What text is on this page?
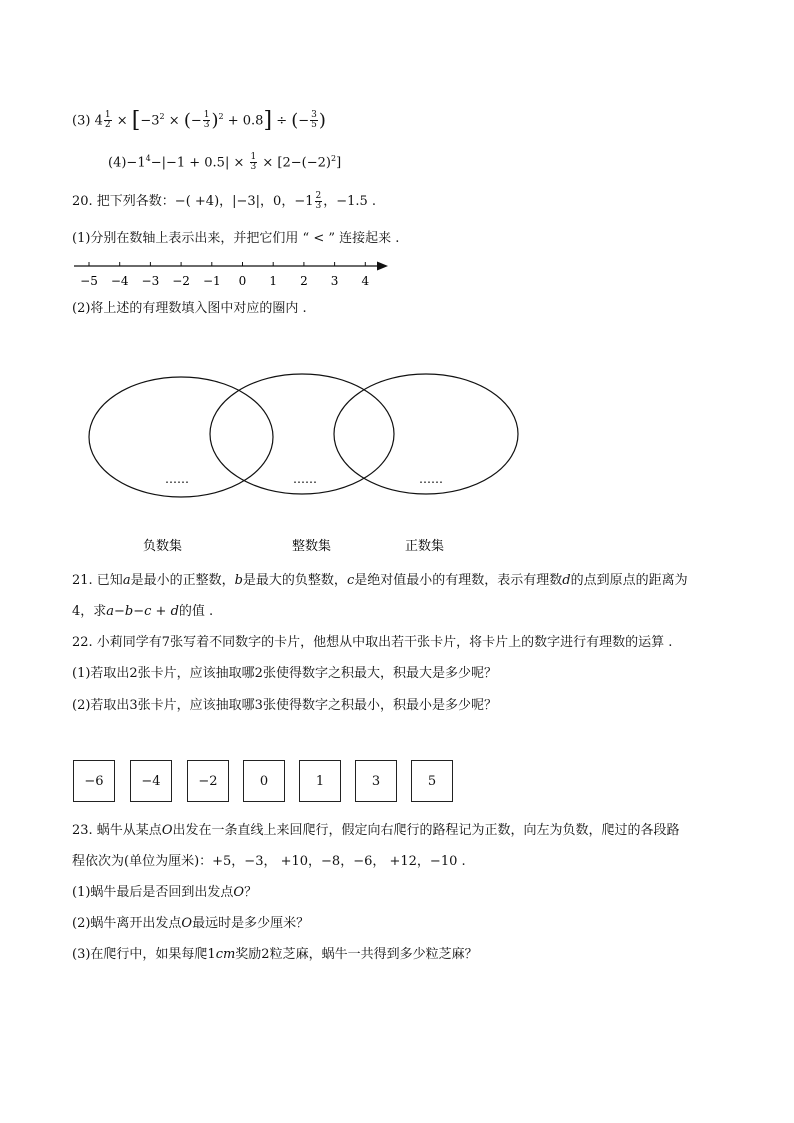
(3) $4 \frac{1}{2} \times [-3^2$ × (− $\frac{1}{3} )^2 + 0.8$] ÷ (− $\frac{3}{5}$ )
$(4)-1^4-|-1 + 0.5| \times \frac{1}{3} \times [2-(-2)^2]$
20. 把下列各数：−( +4)，|−3|，0，$-1 \frac{2}{3}$ ，−1.5 .
(1)分别在数轴上表示出来，并把它们用 “ < ” 连接起来 .
−5 −4 −3 −2 −1 0 1 2 3 4
(2)将上述的有理数填入图中对应的圈内 .
……	……	……
负数集	整数集	正数集
21. 已知a是最小的正整数，b是最大的负整数，c是绝对值最小的有理数，表示有理数d的点到原点的距离为
4，求a−b−c + d的值 .
22. 小莉同学有7张写着不同数字的卡片，他想从中取出若干张卡片，将卡片上的数字进行有理数的运算 .
(1)若取出2张卡片，应该抽取哪2张使得数字之积最大，积最大是多少呢？
(2)若取出3张卡片，应该抽取哪3张使得数字之积最小，积最小是多少呢？
−6	−4	−2	0	1	3	5
23. 蜗牛从某点O出发在一条直线上来回爬行，假定向右爬行的路程记为正数，向左为负数，爬过的各段路
程依次为(单位为厘米)：+5，−3， +10，−8，−6， +12，−10 .
(1)蜗牛最后是否回到出发点O？
(2)蜗牛离开出发点O最远时是多少厘米？
(3)在爬行中，如果每爬1cm奖励2粒芝麻，蜗牛一共得到多少粒芝麻？
